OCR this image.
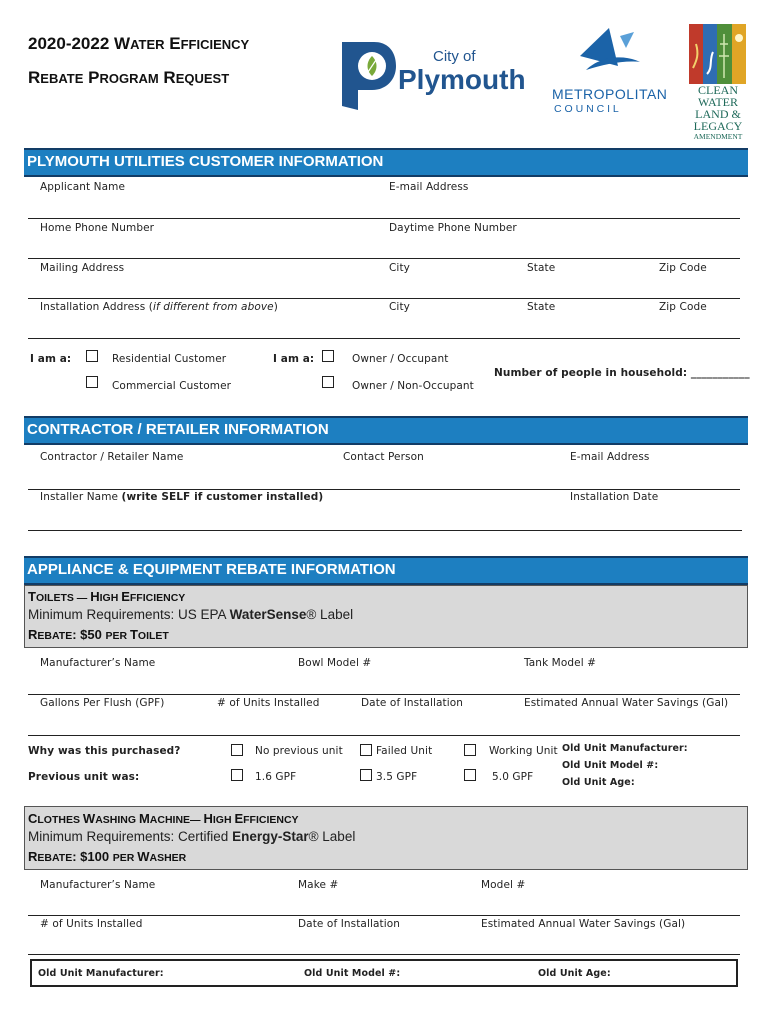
2020-2022 WATER EFFICIENCY
REBATE PROGRAM REQUEST
City of
Plymouth METROPOLITAN
C O U N C I L
CLEAN
WATER
LAND &
LEGACY
AMENDMENT
PLYMOUTH UTILITIES CUSTOMER INFORMATION
Applicant Name	E-mail Address
Home Phone Number	Daytime Phone Number
Mailing Address	City	State	Zip Code
Installation Address (if different from above)	City	State	Zip Code
I am a:	Residential Customer
Commercial Customer
I am a:	Owner / Occupant
Owner / Non-Occupant
Number of people in household: ___________
CONTRACTOR / RETAILER INFORMATION
Contractor / Retailer Name	Contact Person	E-mail Address
Installer Name (write SELF if customer installed)	Installation Date
APPLIANCE & EQUIPMENT REBATE INFORMATION
TOILETS — HIGH EFFICIENCY
Minimum Requirements: US EPA WaterSense® Label
REBATE: $50 PER TOILET
Manufacturer’s Name	Bowl Model #	Tank Model #
Gallons Per Flush (GPF)	# of Units Installed	Date of Installation	Estimated Annual Water Savings (Gal)
Why was this purchased?	No previous unit	Failed Unit	Working Unit
Previous unit was:	1.6 GPF	3.5 GPF	5.0 GPF
Old Unit Manufacturer:
Old Unit Model #:
Old Unit Age:
CLOTHES WASHING MACHINE— HIGH EFFICIENCY
Minimum Requirements: Certified Energy-Star® Label
REBATE: $100 PER WASHER
Manufacturer’s Name	Make #	Model #
# of Units Installed	Date of Installation	Estimated Annual Water Savings (Gal)
Old Unit Manufacturer:	Old Unit Model #:	Old Unit Age:
